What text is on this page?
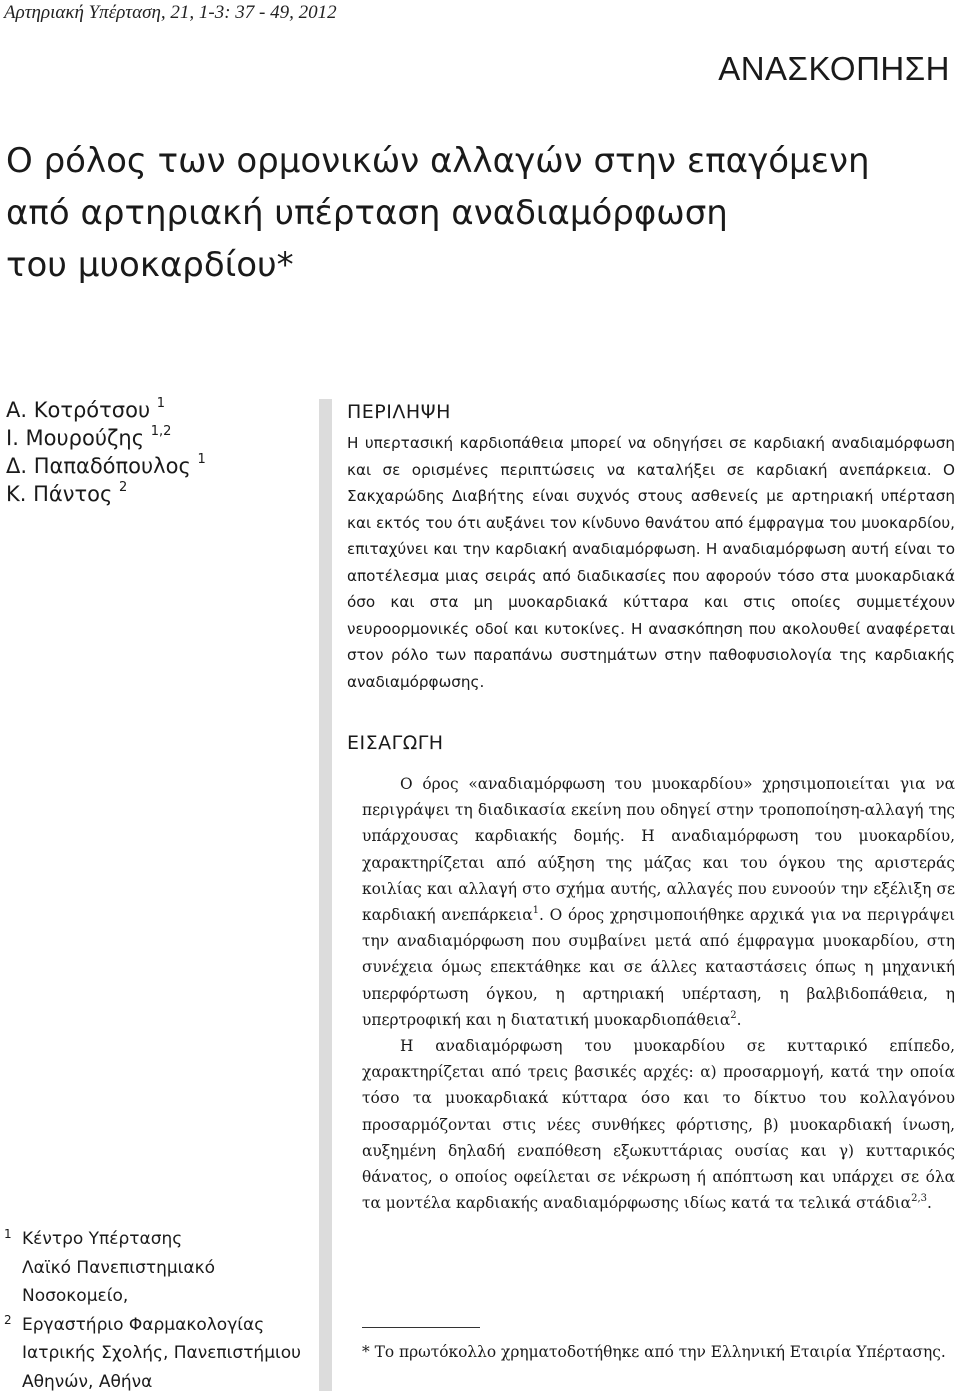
Αρτηριακή Υπέρταση, 21, 1-3: 37 - 49, 2012
ΑΝΑΣΚΟΠΗΣΗ
Ο ρόλος των ορμονικών αλλαγών στην επαγόμενη
από αρτηριακή υπέρταση αναδιαμόρφωση
του μυοκαρδίου*
Α. Κοτρότσου $^1$
Ι. Μουρούζης $^{1,2}$
Δ. Παπαδόπουλος $^1$
Κ. Πάντος $^2$
ΠΕΡΙΛΗΨΗ
Η υπερτασική καρδιοπάθεια μπορεί να οδηγήσει σε καρδιακή αναδιαμόρφωση και σε ορισμένες περιπτώσεις να καταλήξει σε καρδιακή ανεπάρκεια. Ο Σακχαρώδης Διαβήτης είναι συχνός στους ασθενείς με αρτηριακή υπέρταση και εκτός του ότι αυξάνει τον κίνδυνο θανάτου από έμφραγμα του μυοκαρδίου, επιταχύνει και την καρδιακή αναδιαμόρφωση. Η αναδιαμόρφωση αυτή είναι το αποτέλεσμα μιας σειράς από διαδικασίες που αφορούν τόσο στα μυοκαρδιακά όσο και στα μη μυοκαρδιακά κύτταρα και στις οποίες συμμετέχουν νευροορμονικές οδοί και κυτοκίνες. Η ανασκόπηση που ακολουθεί αναφέρεται στον ρόλο των παραπάνω συστημάτων στην παθοφυσιολογία της καρδιακής αναδιαμόρφωσης.
ΕΙΣΑΓΩΓΗ

Ο όρος «αναδιαμόρφωση του μυοκαρδίου» χρησιμοποιείται για να περιγράψει τη διαδικασία εκείνη που οδηγεί στην τροποποίηση-αλλαγή της υπάρχουσας καρδιακής δομής. Η αναδιαμόρφωση του μυοκαρδίου, χαρακτηρίζεται από αύξηση της μάζας και του όγκου της αριστεράς κοιλίας και αλλαγή στο σχήμα αυτής, αλλαγές που ευνοούν την εξέλιξη σε καρδιακή ανεπάρκεια$^1$. Ο όρος χρησιμοποιήθηκε αρχικά για να περιγράψει την αναδιαμόρφωση που συμβαίνει μετά από έμφραγμα μυοκαρδίου, στη συνέχεια όμως επεκτάθηκε και σε άλλες καταστάσεις όπως η μηχανική υπερφόρτωση όγκου, η αρτηριακή υπέρταση, η βαλβιδοπάθεια, η υπερτροφική και η διατατική μυοκαρδιοπάθεια$^2$.

Η αναδιαμόρφωση του μυοκαρδίου σε κυτταρικό επίπεδο, χαρακτηρίζεται από τρεις βασικές αρχές: α) προσαρμογή, κατά την οποία τόσο τα μυοκαρδιακά κύτταρα όσο και το δίκτυο του κολλαγόνου προσαρμόζονται στις νέες συνθήκες φόρτισης, β) μυοκαρδιακή ίνωση, αυξημένη δηλαδή εναπόθεση εξωκυττάριας ουσίας και γ) κυτταρικός θάνατος, ο οποίος οφείλεται σε νέκρωση ή απόπτωση και υπάρχει σε όλα τα μοντέλα καρδιακής αναδιαμόρφωσης ιδίως κατά τα τελικά στάδια$^{2,3}$.

* Το πρωτόκολλο χρηματοδοτήθηκε από την Ελληνική Εταιρία Υπέρτασης.
1 Κέντρο Υπέρτασης
Λαϊκό Πανεπιστημιακό
Νοσοκομείο,
2 Εργαστήριο Φαρμακολογίας
Ιατρικής Σχολής, Πανεπιστήμιου
Αθηνών, Αθήνα
